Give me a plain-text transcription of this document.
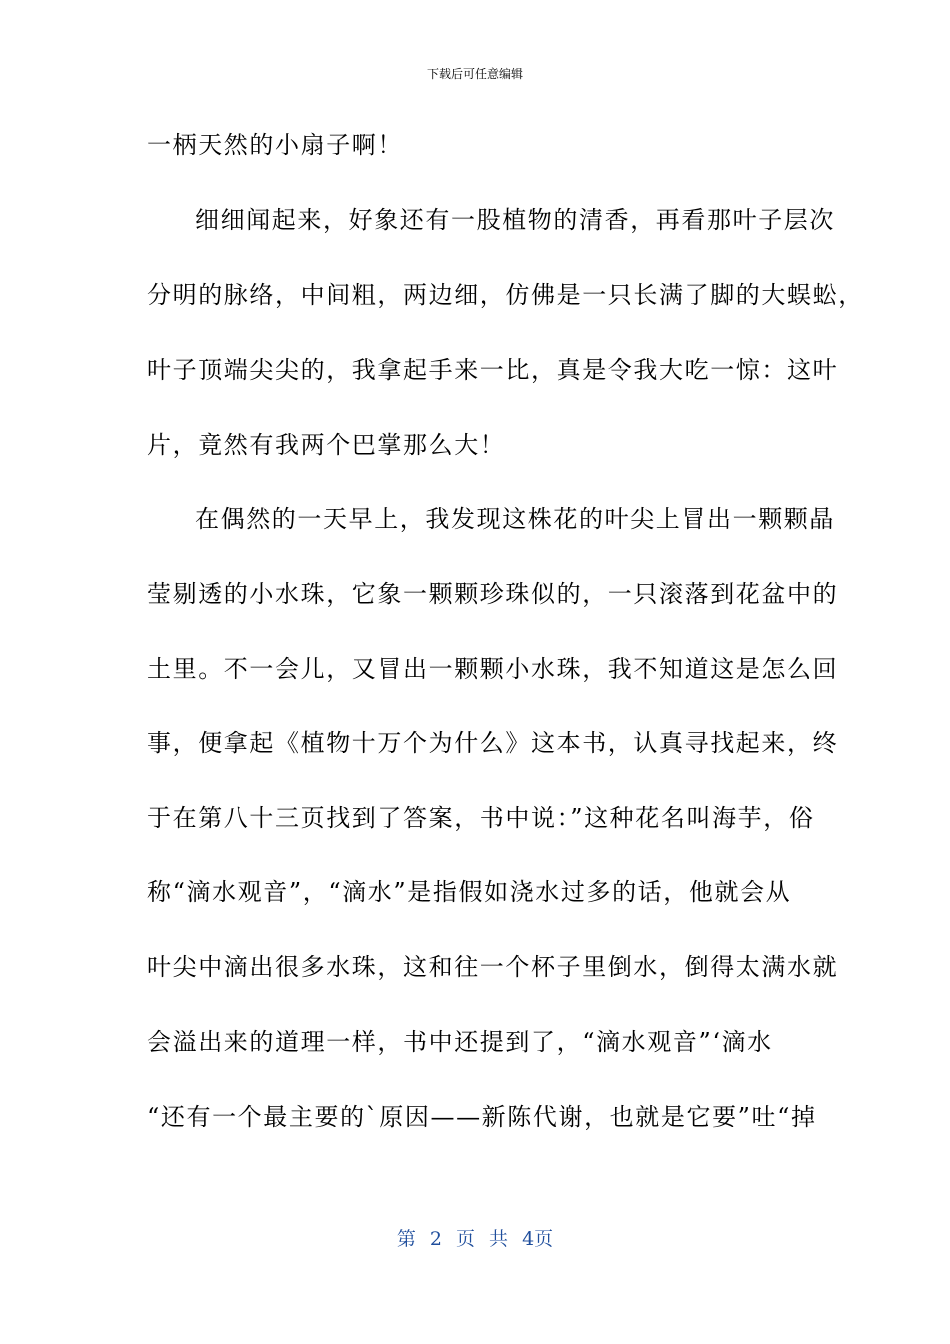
下载后可任意编辑
一柄天然的小扇子啊！
细细闻起来，好象还有一股植物的清香，再看那叶子层次
分明的脉络，中间粗，两边细，仿佛是一只长满了脚的大蜈蚣，
叶子顶端尖尖的，我拿起手来一比，真是令我大吃一惊：这叶
片，竟然有我两个巴掌那么大！
在偶然的一天早上，我发现这株花的叶尖上冒出一颗颗晶
莹剔透的小水珠，它象一颗颗珍珠似的，一只滚落到花盆中的
土里。不一会儿，又冒出一颗颗小水珠，我不知道这是怎么回
事，便拿起《植物十万个为什么》这本书，认真寻找起来，终
于在第八十三页找到了答案，书中说：”这种花名叫海芋，俗
称“滴水观音”，“滴水”是指假如浇水过多的话，他就会从
叶尖中滴出很多水珠，这和往一个杯子里倒水，倒得太满水就
会溢出来的道理一样，书中还提到了，“滴水观音”‘滴水
“还有一个最主要的`原因——新陈代谢，也就是它要”吐“掉
第 2 页 共 4页
